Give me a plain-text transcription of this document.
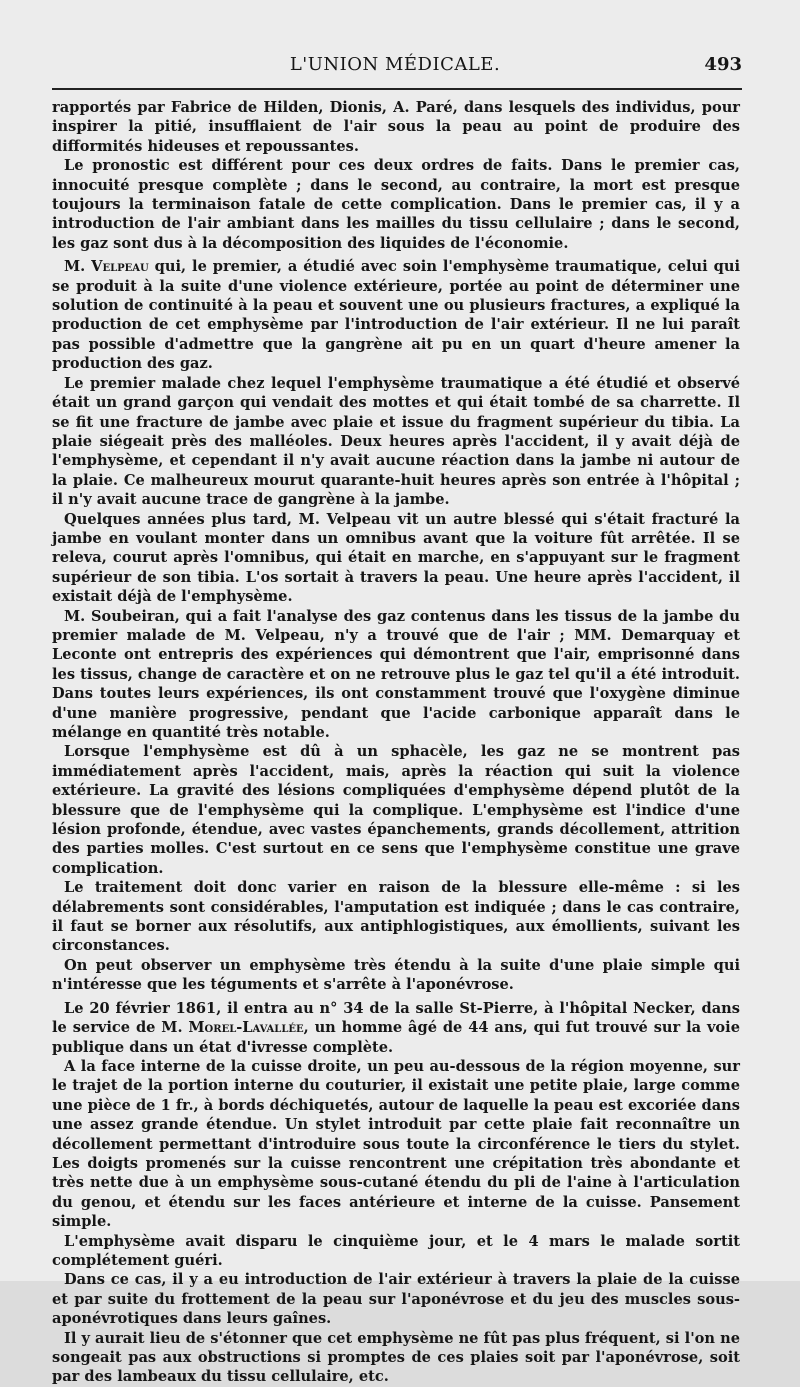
L'UNION MÉDICALE.	493

rapportés par Fabrice de Hilden, Dionis, A. Paré, dans lesquels des individus, pour inspirer la pitié, insufflaient de l'air sous la peau au point de produire des difformités hideuses et repoussantes.

Le pronostic est différent pour ces deux ordres de faits. Dans le premier cas, innocuité presque complète ; dans le second, au contraire, la mort est presque toujours la terminaison fatale de cette complication. Dans le premier cas, il y a introduction de l'air ambiant dans les mailles du tissu cellulaire ; dans le second, les gaz sont dus à la décomposition des liquides de l'économie.

M. Velpeau qui, le premier, a étudié avec soin l'emphysème traumatique, celui qui se produit à la suite d'une violence extérieure, portée au point de déterminer une solution de continuité à la peau et souvent une ou plusieurs fractures, a expliqué la production de cet emphysème par l'introduction de l'air extérieur. Il ne lui paraît pas possible d'admettre que la gangrène ait pu en un quart d'heure amener la production des gaz.

Le premier malade chez lequel l'emphysème traumatique a été étudié et observé était un grand garçon qui vendait des mottes et qui était tombé de sa charrette. Il se fit une fracture de jambe avec plaie et issue du fragment supérieur du tibia. La plaie siégeait près des malléoles. Deux heures après l'accident, il y avait déjà de l'emphysème, et cependant il n'y avait aucune réaction dans la jambe ni autour de la plaie. Ce malheureux mourut quarante-huit heures après son entrée à l'hôpital ; il n'y avait aucune trace de gangrène à la jambe.

Quelques années plus tard, M. Velpeau vit un autre blessé qui s'était fracturé la jambe en voulant monter dans un omnibus avant que la voiture fût arrêtée. Il se releva, courut après l'omnibus, qui était en marche, en s'appuyant sur le fragment supérieur de son tibia. L'os sortait à travers la peau. Une heure après l'accident, il existait déjà de l'emphysème.

M. Soubeiran, qui a fait l'analyse des gaz contenus dans les tissus de la jambe du premier malade de M. Velpeau, n'y a trouvé que de l'air ; MM. Demarquay et Leconte ont entrepris des expériences qui démontrent que l'air, emprisonné dans les tissus, change de caractère et on ne retrouve plus le gaz tel qu'il a été introduit. Dans toutes leurs expériences, ils ont constamment trouvé que l'oxygène diminue d'une manière progressive, pendant que l'acide carbonique apparaît dans le mélange en quantité très notable.

Lorsque l'emphysème est dû à un sphacèle, les gaz ne se montrent pas immédiatement après l'accident, mais, après la réaction qui suit la violence extérieure. La gravité des lésions compliquées d'emphysème dépend plutôt de la blessure que de l'emphysème qui la complique. L'emphysème est l'indice d'une lésion profonde, étendue, avec vastes épanchements, grands décollement, attrition des parties molles. C'est surtout en ce sens que l'emphysème constitue une grave complication.

Le traitement doit donc varier en raison de la blessure elle-même : si les délabrements sont considérables, l'amputation est indiquée ; dans le cas contraire, il faut se borner aux résolutifs, aux antiphlogistiques, aux émollients, suivant les circonstances.

On peut observer un emphysème très étendu à la suite d'une plaie simple qui n'intéresse que les téguments et s'arrête à l'aponévrose.

Le 20 février 1861, il entra au n° 34 de la salle St-Pierre, à l'hôpital Necker, dans le service de M. Morel-Lavallée, un homme âgé de 44 ans, qui fut trouvé sur la voie publique dans un état d'ivresse complète.

A la face interne de la cuisse droite, un peu au-dessous de la région moyenne, sur le trajet de la portion interne du couturier, il existait une petite plaie, large comme une pièce de 1 fr., à bords déchiquetés, autour de laquelle la peau est excoriée dans une assez grande étendue. Un stylet introduit par cette plaie fait reconnaître un décollement permettant d'introduire sous toute la circonférence le tiers du stylet. Les doigts promenés sur la cuisse rencontrent une crépitation très abondante et très nette due à un emphysème sous-cutané étendu du pli de l'aine à l'articulation du genou, et étendu sur les faces antérieure et interne de la cuisse. Pansement simple.

L'emphysème avait disparu le cinquième jour, et le 4 mars le malade sortit complétement guéri.

Dans ce cas, il y a eu introduction de l'air extérieur à travers la plaie de la cuisse et par suite du frottement de la peau sur l'aponévrose et du jeu des muscles sous-aponévrotiques dans leurs gaînes.

Il y aurait lieu de s'étonner que cet emphysème ne fût pas plus fréquent, si l'on ne songeait pas aux obstructions si promptes de ces plaies soit par l'aponévrose, soit par des lambeaux du tissu cellulaire, etc.
